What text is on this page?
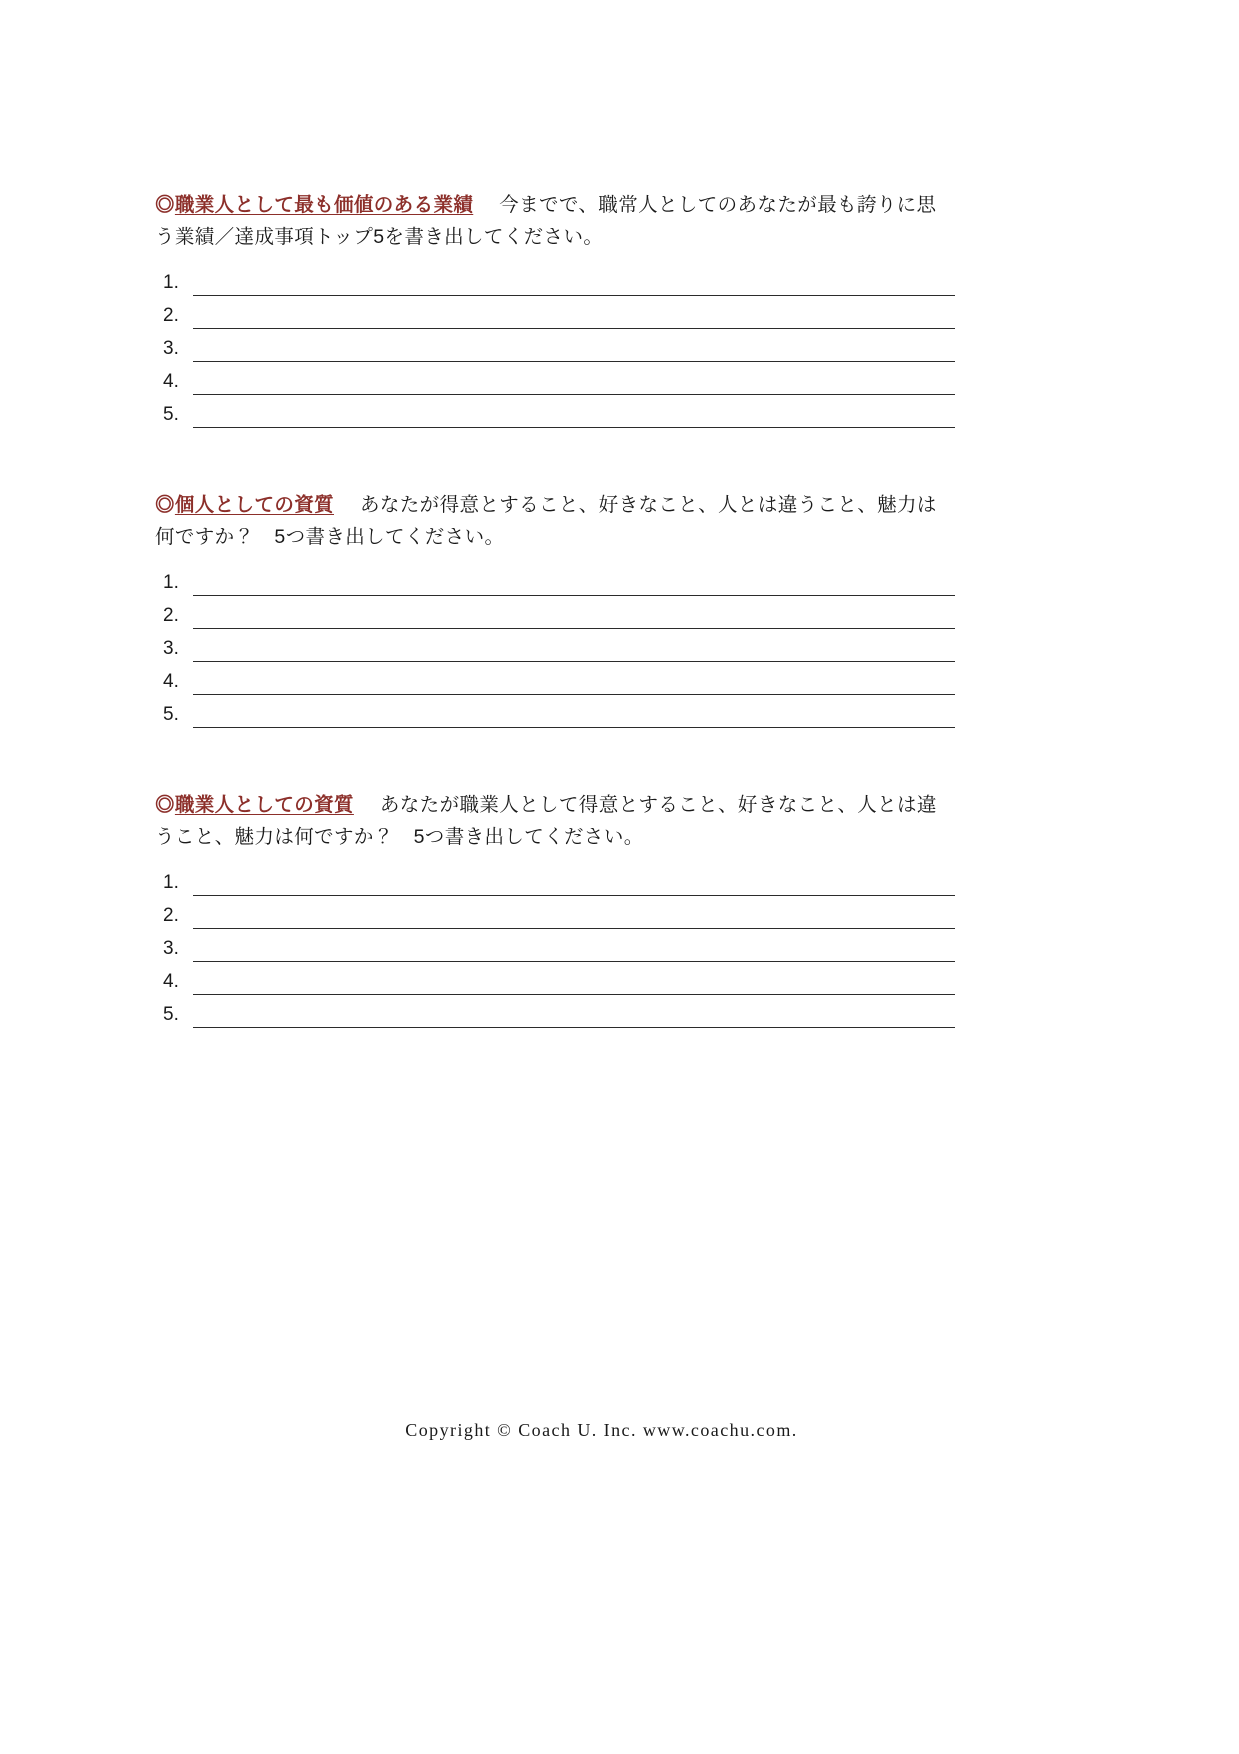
◎職業人として最も価値のある業績 今までで、職常人としてのあなたが最も誇りに思う業績／達成事項トップ5を書き出してください。

1.
2.
3.
4.
5.

◎個人としての資質 あなたが得意とすること、好きなこと、人とは違うこと、魅力は何ですか？　5つ書き出してください。

1.
2.
3.
4.
5.

◎職業人としての資質 あなたが職業人として得意とすること、好きなこと、人とは違うこと、魅力は何ですか？　5つ書き出してください。

1.
2.
3.
4.
5.
Copyright © Coach U. Inc. www.coachu.com.
